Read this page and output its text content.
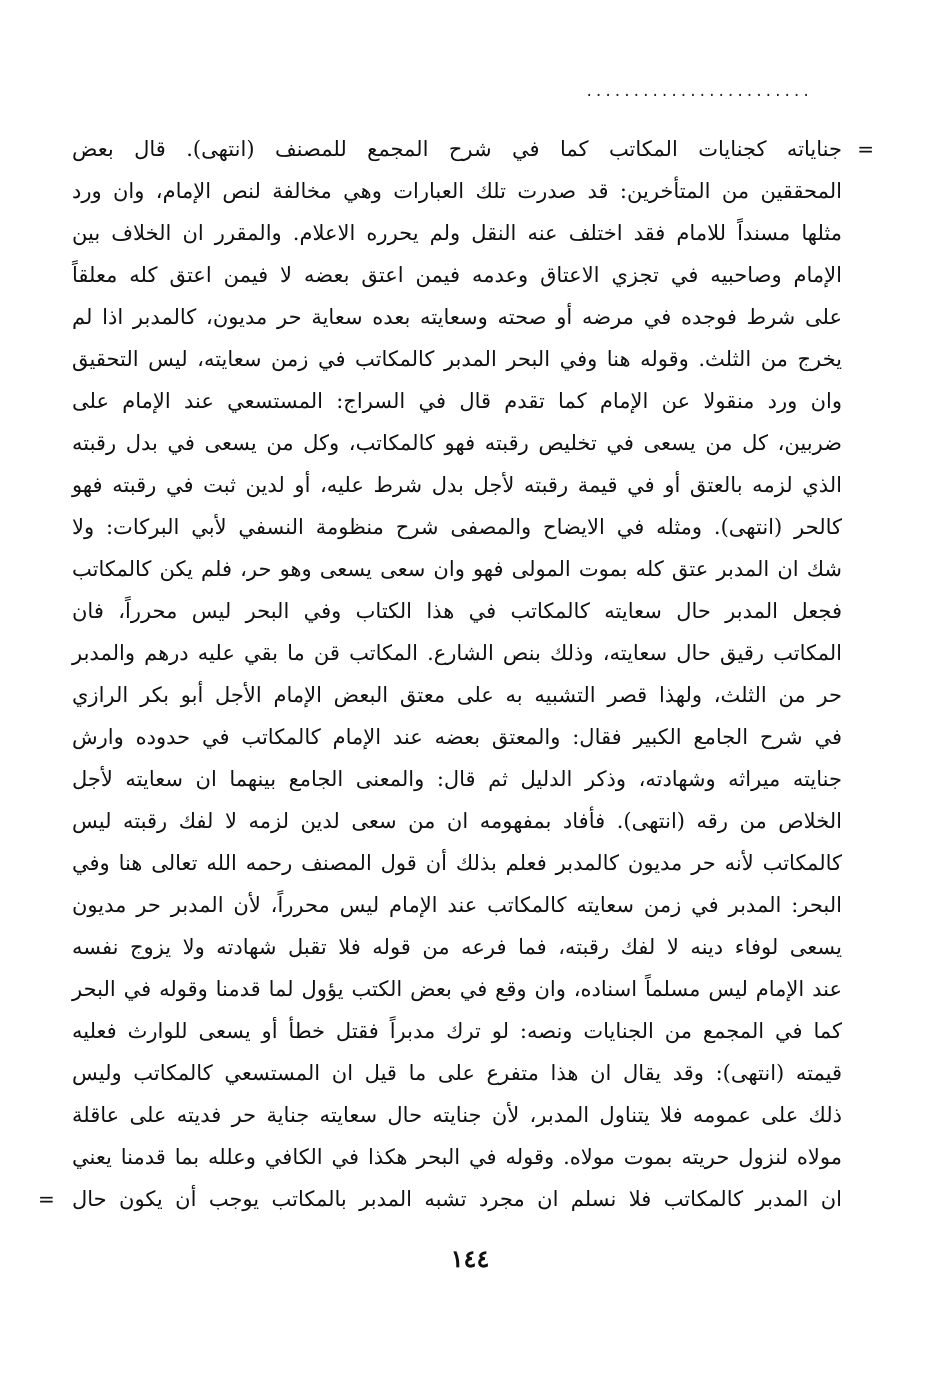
........................
=
جناياته كجنايات المكاتب كما في شرح المجمع للمصنف (انتهى). قال بعض
المحققين من المتأخرين: قد صدرت تلك العبارات وهي مخالفة لنص الإمام، وان ورد
مثلها مسنداً للامام فقد اختلف عنه النقل ولم يحرره الاعلام. والمقرر ان الخلاف بين
الإمام وصاحبيه في تجزي الاعتاق وعدمه فيمن اعتق بعضه لا فيمن اعتق كله معلقاً
على شرط فوجده في مرضه أو صحته وسعايته بعده سعاية حر مديون، كالمدبر اذا لم
يخرج من الثلث. وقوله هنا وفي البحر المدبر كالمكاتب في زمن سعايته، ليس التحقيق
وان ورد منقولا عن الإمام كما تقدم قال في السراج: المستسعي عند الإمام على
ضربين، كل من يسعى في تخليص رقبته فهو كالمكاتب، وكل من يسعى في بدل رقبته
الذي لزمه بالعتق أو في قيمة رقبته لأجل بدل شرط عليه، أو لدين ثبت في رقبته فهو
كالحر (انتهى). ومثله في الايضاح والمصفى شرح منظومة النسفي لأبي البركات: ولا
شك ان المدبر عتق كله بموت المولى فهو وان سعى يسعى وهو حر، فلم يكن كالمكاتب
فجعل المدبر حال سعايته كالمكاتب في هذا الكتاب وفي البحر ليس محرراً، فان
المكاتب رقيق حال سعايته، وذلك بنص الشارع. المكاتب قن ما بقي عليه درهم والمدبر
حر من الثلث، ولهذا قصر التشبيه به على معتق البعض الإمام الأجل أبو بكر الرازي
في شرح الجامع الكبير فقال: والمعتق بعضه عند الإمام كالمكاتب في حدوده وارش
جنايته ميراثه وشهادته، وذكر الدليل ثم قال: والمعنى الجامع بينهما ان سعايته لأجل
الخلاص من رقه (انتهى). فأفاد بمفهومه ان من سعى لدين لزمه لا لفك رقبته ليس
كالمكاتب لأنه حر مديون كالمدبر فعلم بذلك أن قول المصنف رحمه الله تعالى هنا وفي
البحر: المدبر في زمن سعايته كالمكاتب عند الإمام ليس محرراً، لأن المدبر حر مديون
يسعى لوفاء دينه لا لفك رقبته، فما فرعه من قوله فلا تقبل شهادته ولا يزوج نفسه
عند الإمام ليس مسلماً اسناده، وان وقع في بعض الكتب يؤول لما قدمنا وقوله في البحر
كما في المجمع من الجنايات ونصه: لو ترك مدبراً فقتل خطأ أو يسعى للوارث فعليه
قيمته (انتهى): وقد يقال ان هذا متفرع على ما قيل ان المستسعي كالمكاتب وليس
ذلك على عمومه فلا يتناول المدبر، لأن جنايته حال سعايته جناية حر فديته على عاقلة
مولاه لنزول حريته بموت مولاه. وقوله في البحر هكذا في الكافي وعلله بما قدمنا يعني
ان المدبر كالمكاتب فلا نسلم ان مجرد تشبه المدبر بالمكاتب يوجب أن يكون حال
=
١٤٤
